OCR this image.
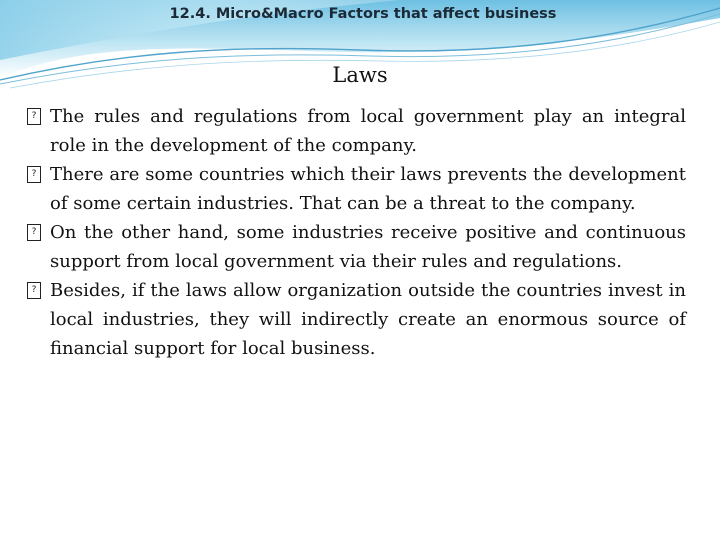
12.4. Micro&Macro Factors that affect business
Laws
? The rules and regulations from local government play an integral role in the development of the company.
? There are some countries which their laws prevents the development of some certain industries. That can be a threat to the company.
? On the other hand, some industries receive positive and continuous support from local government via their rules and regulations.
? Besides, if the laws allow organization outside the countries invest in local industries, they will indirectly create an enormous source of financial support for local business.
